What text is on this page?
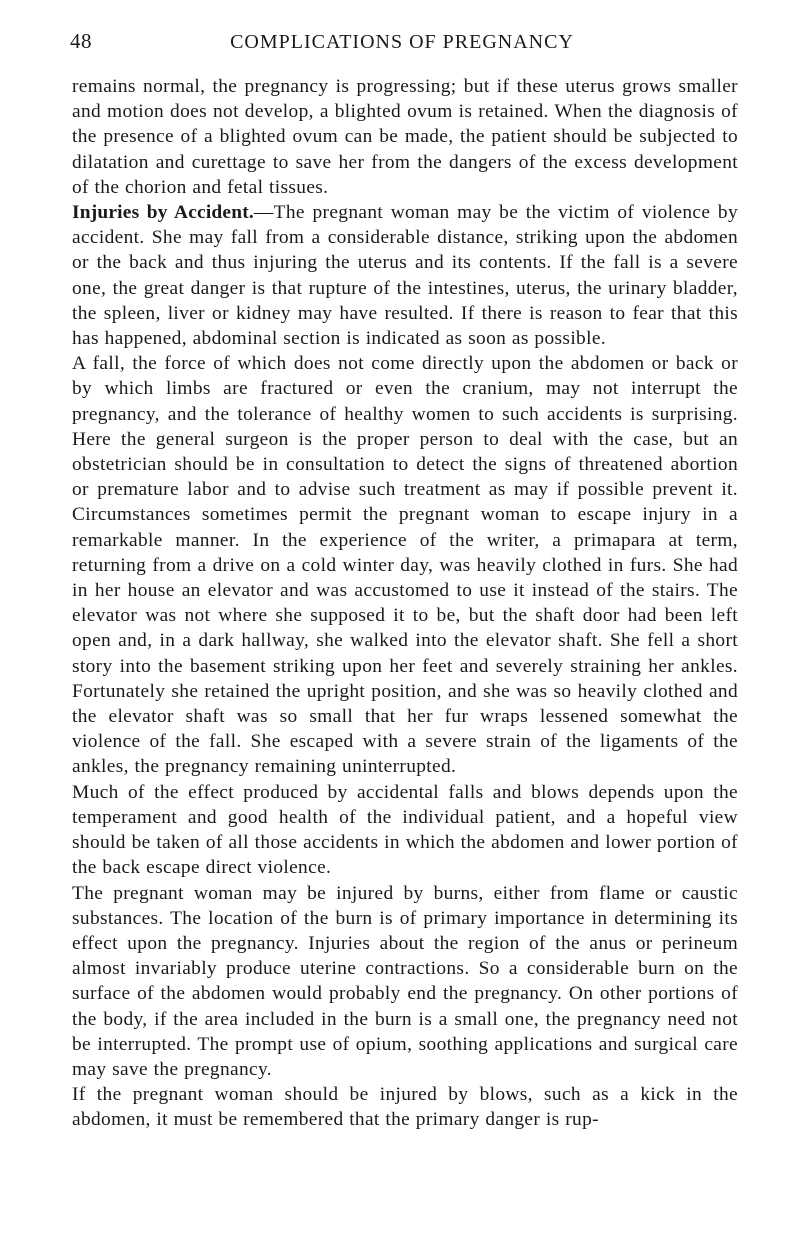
48	COMPLICATIONS OF PREGNANCY

remains normal, the pregnancy is progressing; but if these uterus grows smaller and motion does not develop, a blighted ovum is retained. When the diagnosis of the presence of a blighted ovum can be made, the patient should be subjected to dilatation and curettage to save her from the dangers of the excess development of the chorion and fetal tissues.

Injuries by Accident.—The pregnant woman may be the victim of violence by accident. She may fall from a considerable distance, striking upon the abdomen or the back and thus injuring the uterus and its contents. If the fall is a severe one, the great danger is that rupture of the intestines, uterus, the urinary bladder, the spleen, liver or kidney may have resulted. If there is reason to fear that this has happened, abdominal section is indicated as soon as possible.

A fall, the force of which does not come directly upon the abdomen or back or by which limbs are fractured or even the cranium, may not interrupt the pregnancy, and the tolerance of healthy women to such accidents is surprising. Here the general surgeon is the proper person to deal with the case, but an obstetrician should be in consultation to detect the signs of threatened abortion or premature labor and to advise such treatment as may if possible prevent it. Circumstances sometimes permit the pregnant woman to escape injury in a remarkable manner. In the experience of the writer, a primapara at term, returning from a drive on a cold winter day, was heavily clothed in furs. She had in her house an elevator and was accustomed to use it instead of the stairs. The elevator was not where she supposed it to be, but the shaft door had been left open and, in a dark hallway, she walked into the elevator shaft. She fell a short story into the basement striking upon her feet and severely straining her ankles. Fortunately she retained the upright position, and she was so heavily clothed and the elevator shaft was so small that her fur wraps lessened somewhat the violence of the fall. She escaped with a severe strain of the ligaments of the ankles, the pregnancy remaining uninterrupted.

Much of the effect produced by accidental falls and blows depends upon the temperament and good health of the individual patient, and a hopeful view should be taken of all those accidents in which the abdomen and lower portion of the back escape direct violence.

The pregnant woman may be injured by burns, either from flame or caustic substances. The location of the burn is of primary importance in determining its effect upon the pregnancy. Injuries about the region of the anus or perineum almost invariably produce uterine contractions. So a considerable burn on the surface of the abdomen would probably end the pregnancy. On other portions of the body, if the area included in the burn is a small one, the pregnancy need not be interrupted. The prompt use of opium, soothing applications and surgical care may save the pregnancy.

If the pregnant woman should be injured by blows, such as a kick in the abdomen, it must be remembered that the primary danger is rup-
